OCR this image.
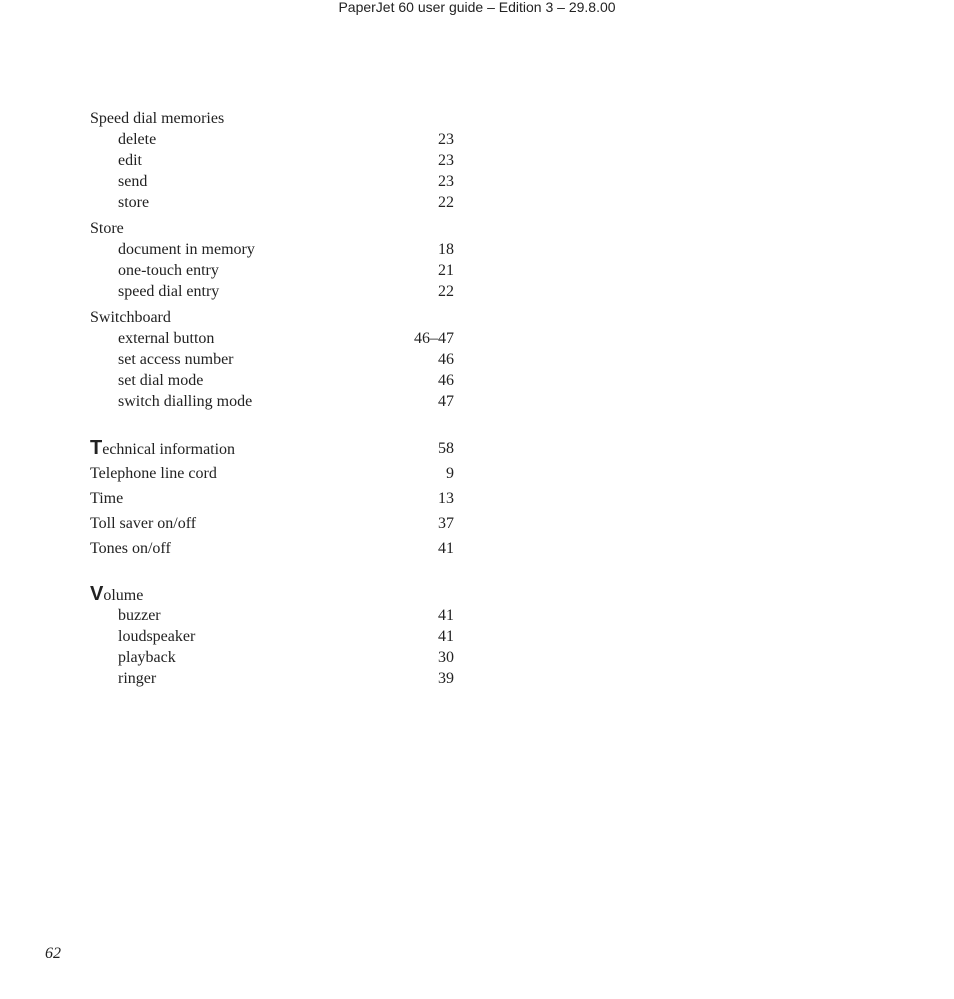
PaperJet 60 user guide – Edition 3 – 29.8.00
Speed dial memories
delete	23
edit	23
send	23
store	22
Store
document in memory	18
one-touch entry	21
speed dial entry	22
Switchboard
external button	46–47
set access number	46
set dial mode	46
switch dialling mode	47
Technical information	58
Telephone line cord	9
Time	13
Toll saver on/off	37
Tones on/off	41
Volume
buzzer	41
loudspeaker	41
playback	30
ringer	39
62
